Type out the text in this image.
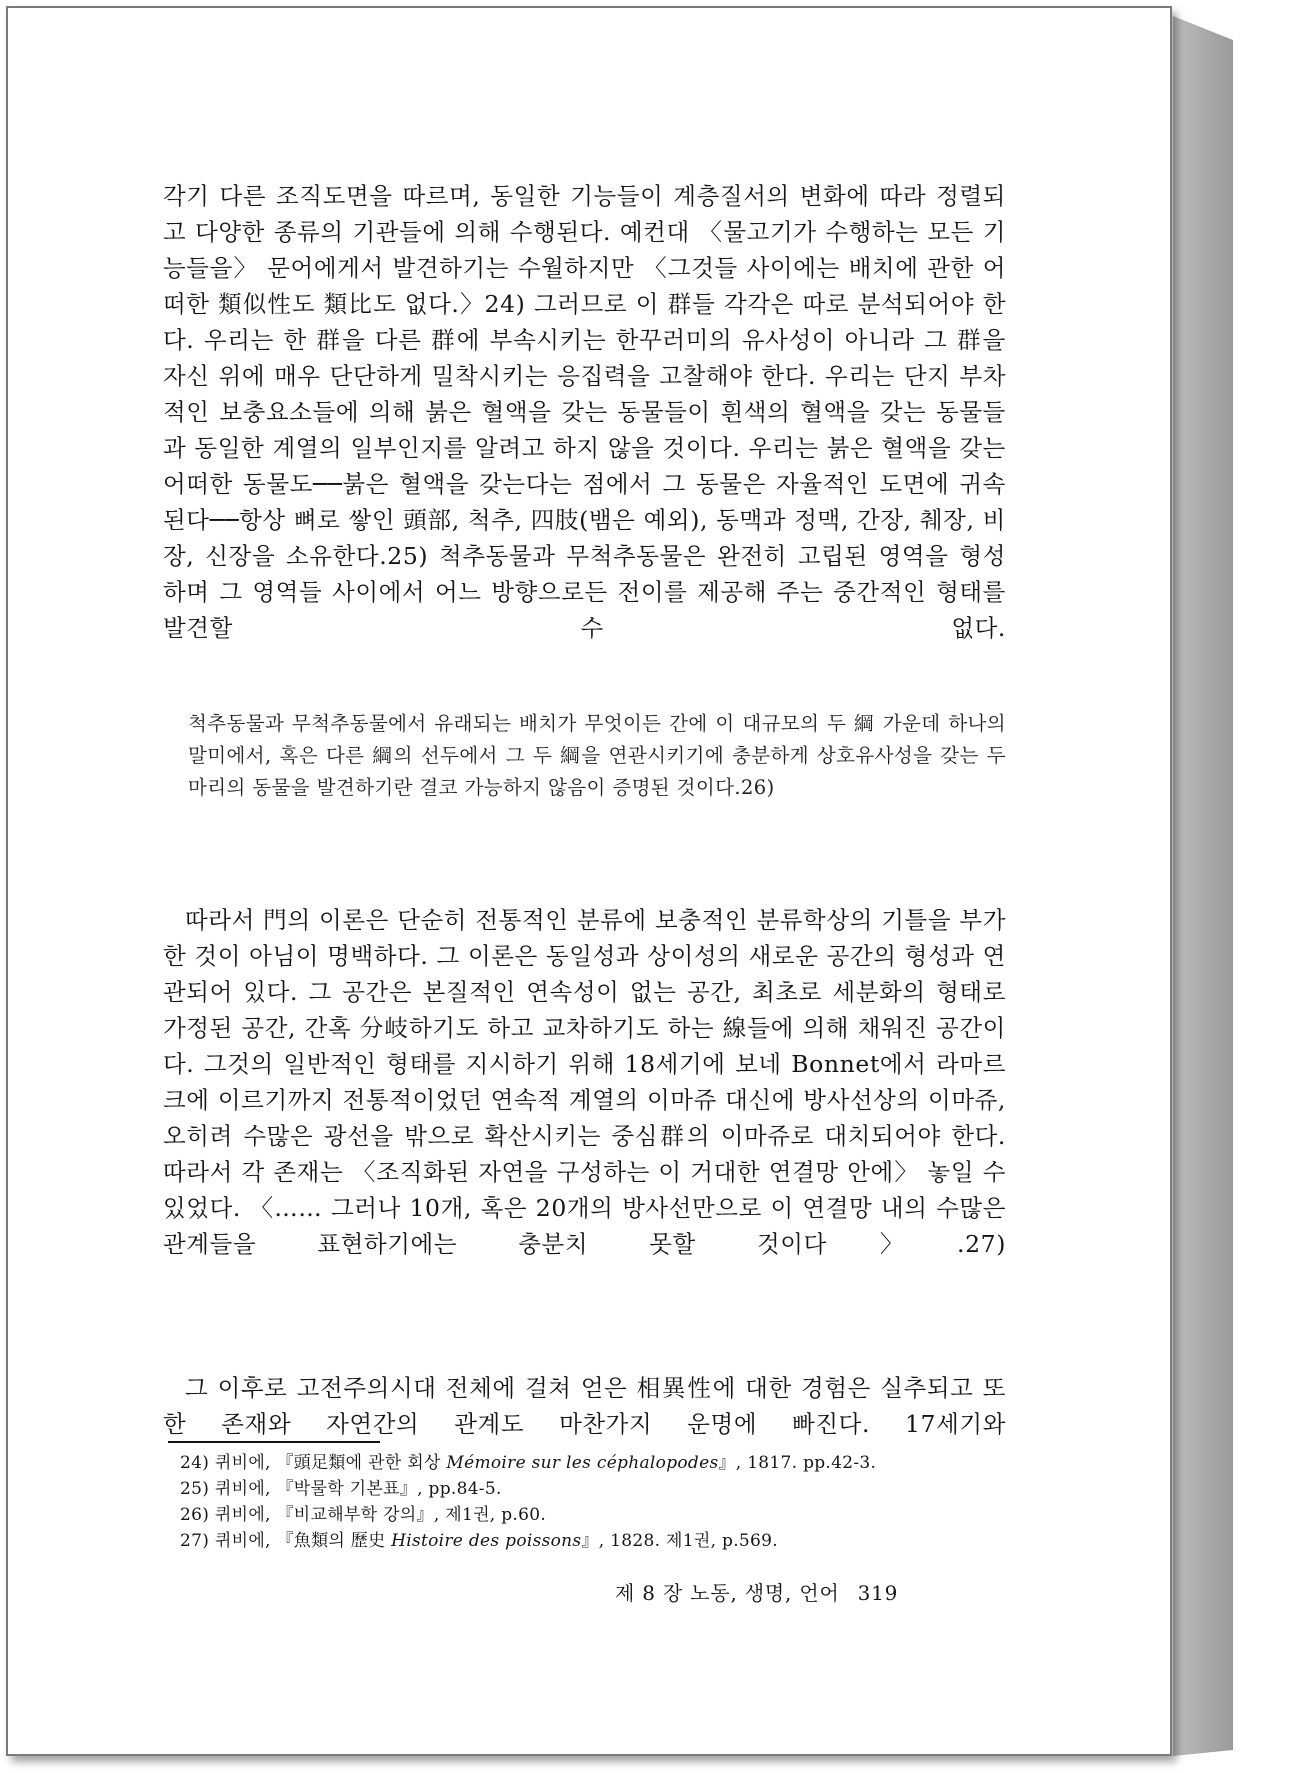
각기 다른 조직도면을 따르며, 동일한 기능들이 계층질서의 변화에 따라 정렬되고 다양한 종류의 기관들에 의해 수행된다. 예컨대 〈물고기가 수행하는 모든 기능들을〉 문어에게서 발견하기는 수월하지만 〈그것들 사이에는 배치에 관한 어떠한 類似性도 類比도 없다.〉24) 그러므로 이 群들 각각은 따로 분석되어야 한다. 우리는 한 群을 다른 群에 부속시키는 한꾸러미의 유사성이 아니라 그 群을 자신 위에 매우 단단하게 밀착시키는 응집력을 고찰해야 한다. 우리는 단지 부차적인 보충요소들에 의해 붉은 혈액을 갖는 동물들이 흰색의 혈액을 갖는 동물들과 동일한 계열의 일부인지를 알려고 하지 않을 것이다. 우리는 붉은 혈액을 갖는 어떠한 동물도──붉은 혈액을 갖는다는 점에서 그 동물은 자율적인 도면에 귀속된다──항상 뼈로 쌓인 頭部, 척추, 四肢(뱀은 예외), 동맥과 정맥, 간장, 췌장, 비장, 신장을 소유한다.25) 척추동물과 무척추동물은 완전히 고립된 영역을 형성하며 그 영역들 사이에서 어느 방향으로든 전이를 제공해 주는 중간적인 형태를 발견할 수 없다.

척추동물과 무척추동물에서 유래되는 배치가 무엇이든 간에 이 대규모의 두 綱 가운데 하나의 말미에서, 혹은 다른 綱의 선두에서 그 두 綱을 연관시키기에 충분하게 상호유사성을 갖는 두 마리의 동물을 발견하기란 결코 가능하지 않음이 증명된 것이다.26)

따라서 門의 이론은 단순히 전통적인 분류에 보충적인 분류학상의 기틀을 부가한 것이 아님이 명백하다. 그 이론은 동일성과 상이성의 새로운 공간의 형성과 연관되어 있다. 그 공간은 본질적인 연속성이 없는 공간, 최초로 세분화의 형태로 가정된 공간, 간혹 分岐하기도 하고 교차하기도 하는 線들에 의해 채워진 공간이다. 그것의 일반적인 형태를 지시하기 위해 18세기에 보네 Bonnet에서 라마르크에 이르기까지 전통적이었던 연속적 계열의 이마쥬 대신에 방사선상의 이마쥬, 오히려 수많은 광선을 밖으로 확산시키는 중심群의 이마쥬로 대치되어야 한다. 따라서 각 존재는 〈조직화된 자연을 구성하는 이 거대한 연결망 안에〉 놓일 수 있었다. 〈…… 그러나 10개, 혹은 20개의 방사선만으로 이 연결망 내의 수많은 관계들을 표현하기에는 충분치 못할 것이다〉.27)

그 이후로 고전주의시대 전체에 걸쳐 얻은 相異性에 대한 경험은 실추되고 또한 존재와 자연간의 관계도 마찬가지 운명에 빠진다. 17세기와

24) 퀴비에, 『頭足類에 관한 회상 Mémoire sur les céphalopodes』, 1817. pp.42-3.
25) 퀴비에, 『박물학 기본표』, pp.84-5.
26) 퀴비에, 『비교해부학 강의』, 제1권, p.60.
27) 퀴비에, 『魚類의 歷史 Histoire des poissons』, 1828. 제1권, p.569.
제 8 장 노동, 생명, 언어 319
